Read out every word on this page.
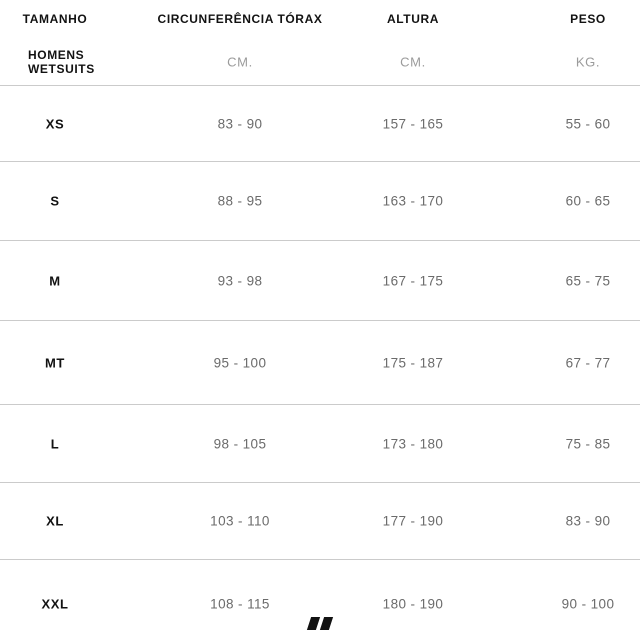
TAMANHO	CIRCUNFERÊNCIA TÓRAX	ALTURA	PESO
HOMENS
WETSUITS	CM.	CM.	KG.
XS	83 - 90	157 - 165	55 - 60
S	88 - 95	163 - 170	60 - 65
M	93 - 98	167 - 175	65 - 75
MT	95 - 100	175 - 187	67 - 77
L	98 - 105	173 - 180	75 - 85
XL	103 - 110	177 - 190	83 - 90
XXL	108 - 115	180 - 190	90 - 100
